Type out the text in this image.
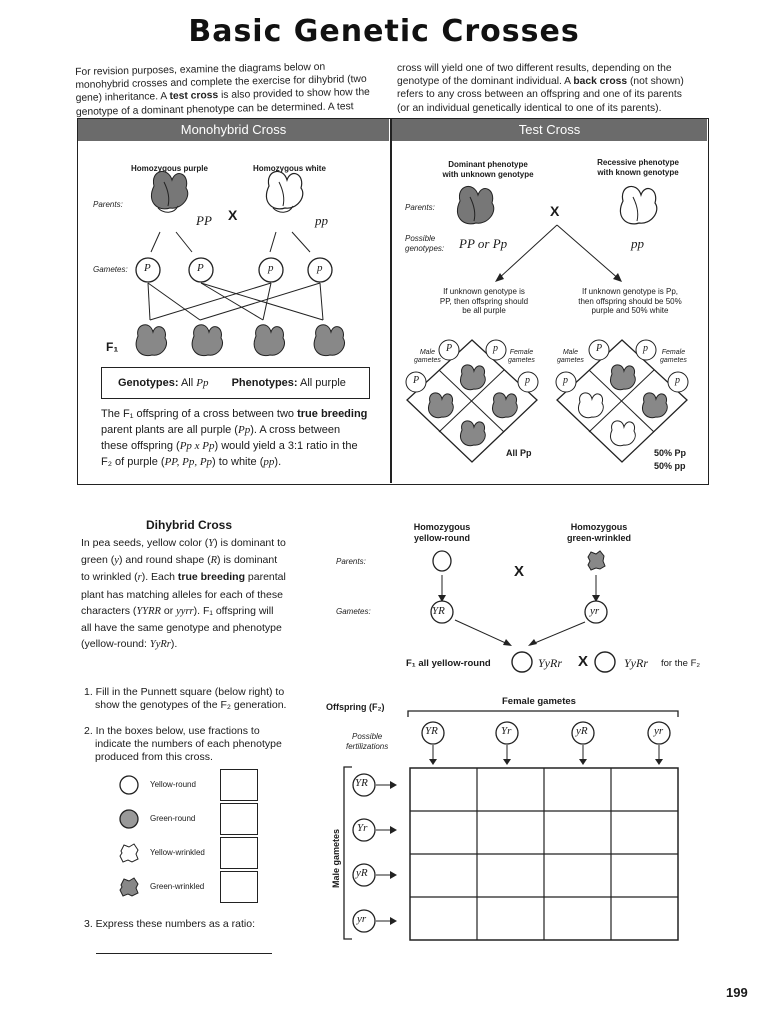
Basic Genetic Crosses
For revision purposes, examine the diagrams below on
monohybrid crosses and complete the exercise for dihybrid (two
gene) inheritance. A test cross is also provided to show how the
genotype of a dominant phenotype can be determined. A test
cross will yield one of two different results, depending on the
genotype of the dominant individual. A back cross (not shown)
refers to any cross between an offspring and one of its parents
(or an individual genetically identical to one of its parents).
Monohybrid Cross	Test Cross
Homozygous purple	Homozygous white
Parents:
Gametes:
PP X	pp
P	P	p	p
F₁
Genotypes: All Pp Phenotypes: All purple
The F₁ offspring of a cross between two true breeding
parent plants are all purple (Pp). A cross between
these offspring (Pp x Pp) would yield a 3:1 ratio in the
F₂ of purple (PP, Pp, Pp) to white (pp).
Dominant phenotype
with unknown genotype
Recessive phenotype
with known genotype
Parents:
Possible
genotypes: PP or Pp	pp
X
If unknown genotype is
PP, then offspring should
be all purple
If unknown genotype is Pp,
then offspring should be 50%
purple and 50% white
P	p
P	p
P	p
p	p
Male
gametes
Female
gametes
Male
gametes
Female
gametes
All Pp	50% Pp
50% pp
Dihybrid Cross
In pea seeds, yellow color (Y) is dominant to
green (y) and round shape (R) is dominant
to wrinkled (r). Each true breeding parental
plant has matching alleles for each of these
characters (YYRR or yyrr). F₁ offspring will
all have the same genotype and phenotype
(yellow-round: YyRr).
Homozygous
yellow-round
Homozygous
green-wrinkled
Parents:
Gametes:
X
YR	yr
F₁ all yellow-round	YyRr X	YyRr for the F₂
1. Fill in the Punnett square (below right) to
show the genotypes of the F₂ generation.
2. In the boxes below, use fractions to
indicate the numbers of each phenotype
produced from this cross.
Yellow-round
Green-round
Yellow-wrinkled
Green-wrinkled
3. Express these numbers as a ratio:
Offspring (F₂)	Female gametes
Possible
fertilizations
YR	Yr	yR	yr
YR
Yr
yR
yr
Male gametes
199
